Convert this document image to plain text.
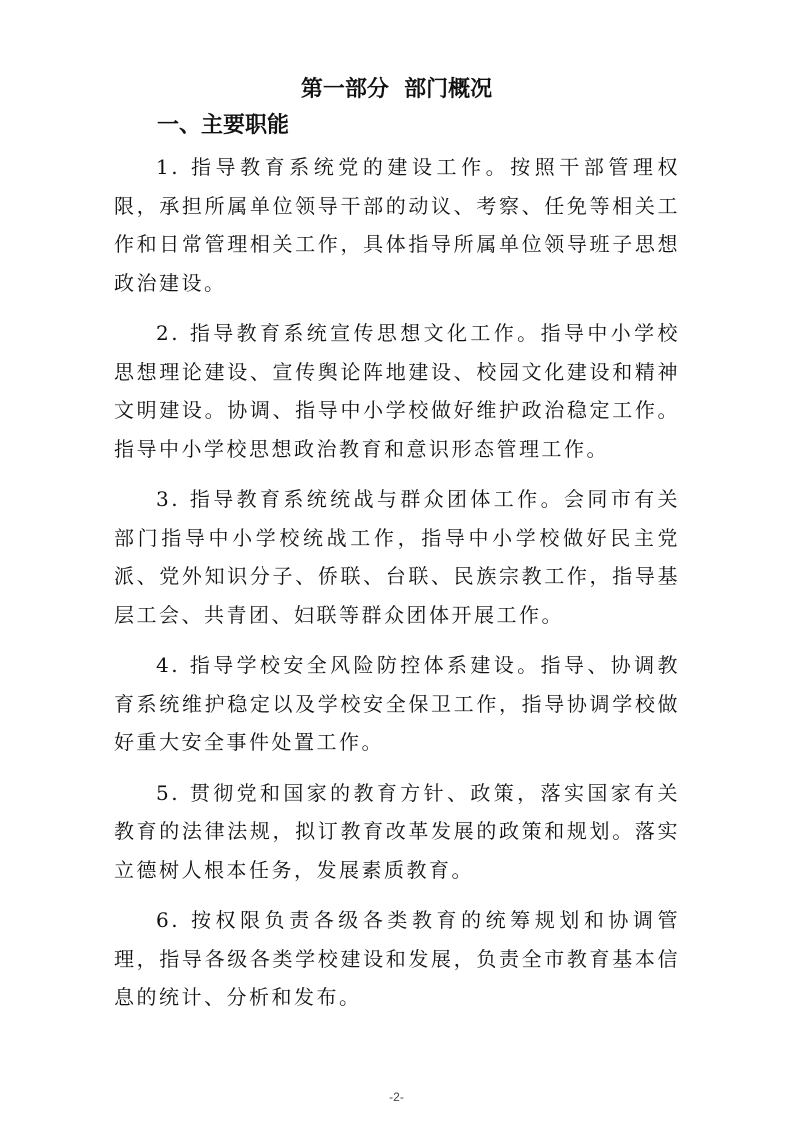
第一部分  部门概况
一、主要职能

1. 指导教育系统党的建设工作。按照干部管理权限，承担所属单位领导干部的动议、考察、任免等相关工作和日常管理相关工作，具体指导所属单位领导班子思想政治建设。

2. 指导教育系统宣传思想文化工作。指导中小学校思想理论建设、宣传舆论阵地建设、校园文化建设和精神文明建设。协调、指导中小学校做好维护政治稳定工作。指导中小学校思想政治教育和意识形态管理工作。

3. 指导教育系统统战与群众团体工作。会同市有关部门指导中小学校统战工作，指导中小学校做好民主党派、党外知识分子、侨联、台联、民族宗教工作，指导基层工会、共青团、妇联等群众团体开展工作。

4. 指导学校安全风险防控体系建设。指导、协调教育系统维护稳定以及学校安全保卫工作，指导协调学校做好重大安全事件处置工作。

5. 贯彻党和国家的教育方针、政策，落实国家有关教育的法律法规，拟订教育改革发展的政策和规划。落实立德树人根本任务，发展素质教育。

6. 按权限负责各级各类教育的统筹规划和协调管理，指导各级各类学校建设和发展，负责全市教育基本信息的统计、分析和发布。

-2-
